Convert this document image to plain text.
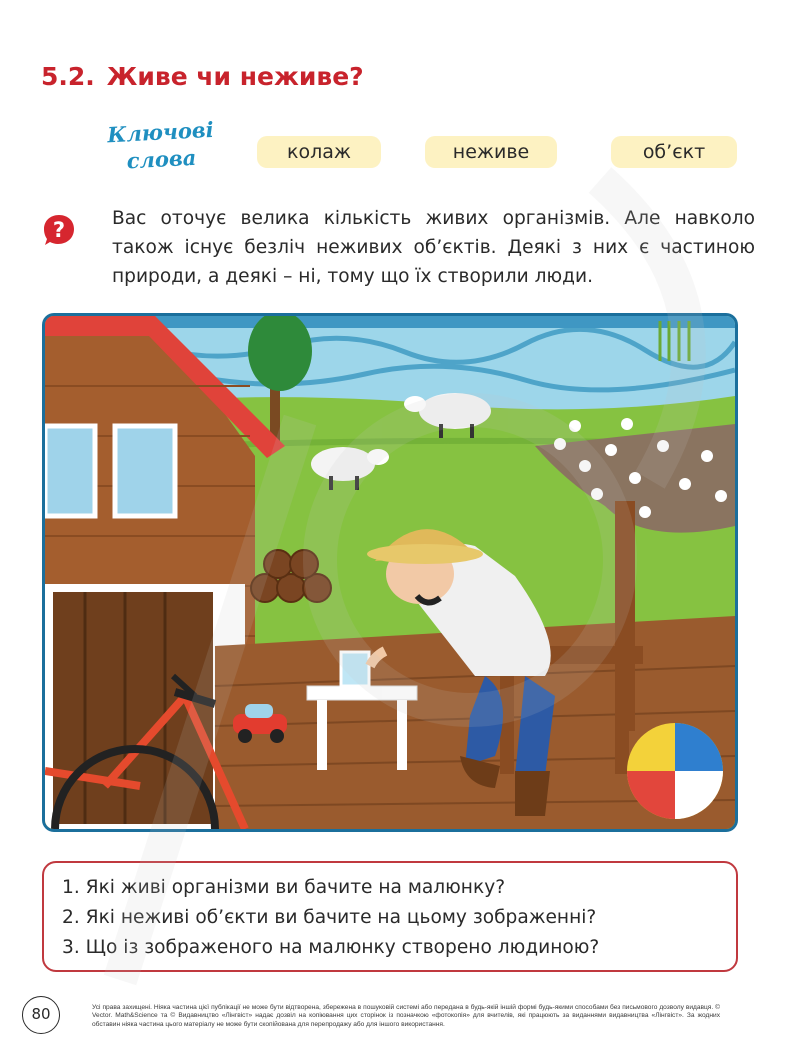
5.2. Живе чи неживе?
Ключові
слова	колаж	неживе	об’єкт
?	Вас оточує велика кількість живих організмів. Але навколо також існує безліч неживих об’єктів. Деякі з них є частиною природи, а деякі – ні, тому що їх створили люди.

1. Які живі організми ви бачите на малюнку?
2. Які неживі об’єкти ви бачите на цьому зображенні?
3. Що із зображеного на малюнку створено людиною?
80	Усі права захищені. Ніяка частина цієї публікації не може бути відтворена, збережена в пошуковій системі або передана в будь-якій іншій формі будь-якими способами без письмового дозволу видавця. © Vector. Math&Science та © Видавництво «Лінгвіст» надає дозвіл на копіювання цих сторінок із позначкою «фотокопія» для вчителів, які працюють за виданнями видавництва «Лінгвіст». За жодних обставин ніяка частина цього матеріалу не може бути скопійована для перепродажу або для іншого використання.
